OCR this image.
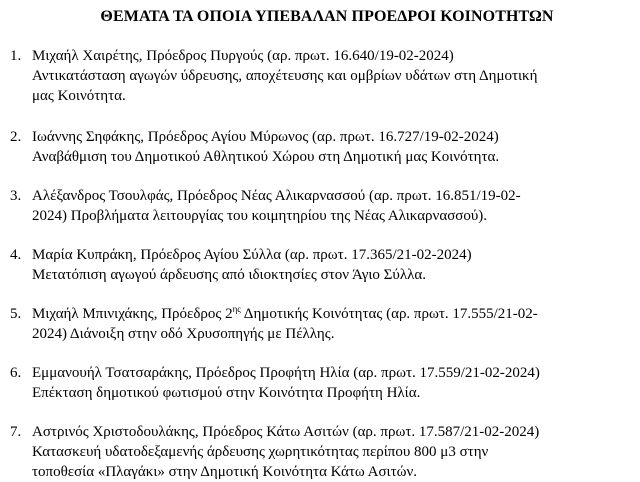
ΘΕΜΑΤΑ ΤΑ ΟΠΟΙΑ ΥΠΕΒΑΛΑΝ ΠΡΟΕΔΡΟΙ ΚΟΙΝΟΤΗΤΩΝ
1. Μιχαήλ Χαιρέτης, Πρόεδρος Πυργούς (αρ. πρωτ. 16.640/19-02-2024)
Αντικατάσταση αγωγών ύδρευσης, αποχέτευσης και ομβρίων υδάτων στη Δημοτική
μας Κοινότητα.
2. Ιωάννης Σηφάκης, Πρόεδρος Αγίου Μύρωνος (αρ. πρωτ. 16.727/19-02-2024)
Αναβάθμιση του Δημοτικού Αθλητικού Χώρου στη Δημοτική μας Κοινότητα.
3. Αλέξανδρος Τσουλφάς, Πρόεδρος Νέας Αλικαρνασσού (αρ. πρωτ. 16.851/19-02-
2024) Προβλήματα λειτουργίας του κοιμητηρίου της Νέας Αλικαρνασσού).
4. Μαρία Κυπράκη, Πρόεδρος Αγίου Σύλλα (αρ. πρωτ. 17.365/21-02-2024)
Μετατόπιση αγωγού άρδευσης από ιδιοκτησίες στον Άγιο Σύλλα.
5. Μιχαήλ Μπινιχάκης, Πρόεδρος $2^{\eta\varsigma}$ Δημοτικής Κοινότητας (αρ. πρωτ. 17.555/21-02-
2024) Διάνοιξη στην οδό Χρυσοπηγής με Πέλλης.
6. Εμμανουήλ Τσατσαράκης, Πρόεδρος Προφήτη Ηλία (αρ. πρωτ. 17.559/21-02-2024)
Επέκταση δημοτικού φωτισμού στην Κοινότητα Προφήτη Ηλία.
7. Αστρινός Χριστοδουλάκης, Πρόεδρος Κάτω Ασιτών (αρ. πρωτ. 17.587/21-02-2024)
Κατασκευή υδατοδεξαμενής άρδευσης χωρητικότητας περίπου 800 μ3 στην
τοποθεσία «Πλαγάκι» στην Δημοτική Κοινότητα Κάτω Ασιτών.
